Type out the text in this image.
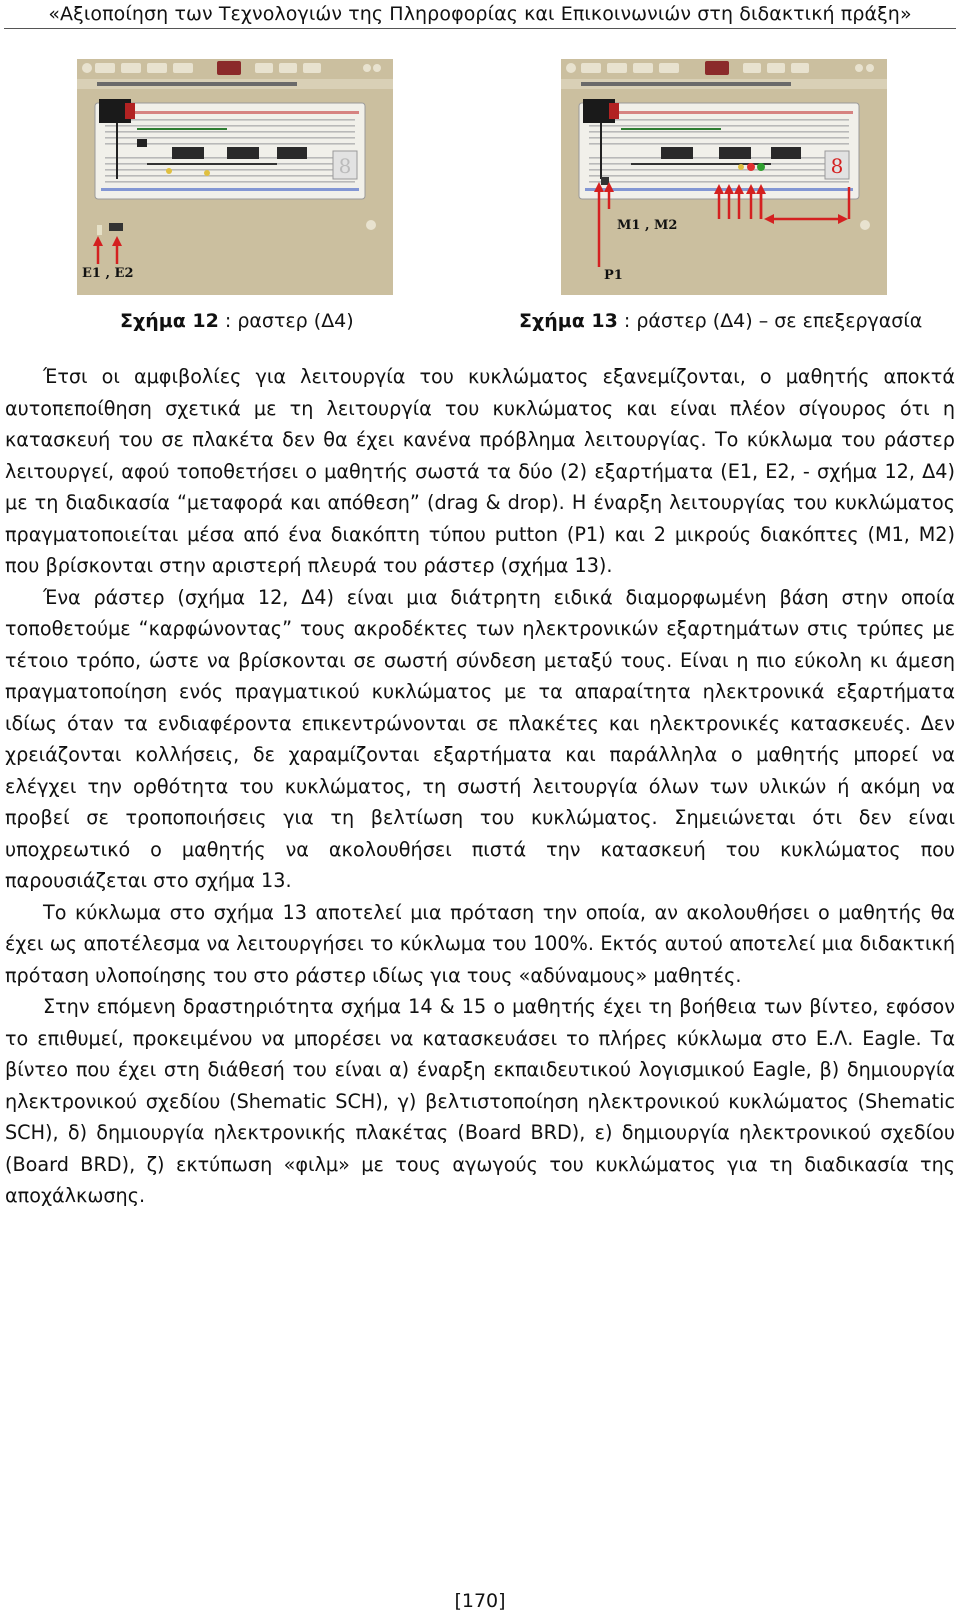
«Αξιοποίηση των Τεχνολογιών της Πληροφορίας και Επικοινωνιών στη διδακτική πράξη»
8
E1 , E2
8
M1 , M2
P1
Σχήμα 12 : ραστερ (Δ4)	Σχήμα 13 : ράστερ (Δ4) – σε επεξεργασία

Έτσι οι αμφιβολίες για λειτουργία του κυκλώματος εξανεμίζονται, ο μαθητής αποκτά αυτοπεποίθηση σχετικά με τη λειτουργία του κυκλώματος και είναι πλέον σίγουρος ότι η κατασκευή του σε πλακέτα δεν θα έχει κανένα πρόβλημα λειτουργίας. Το κύκλωμα του ράστερ λειτουργεί, αφού τοποθετήσει ο μαθητής σωστά τα δύο (2) εξαρτήματα (E1, E2, - σχήμα 12, Δ4) με τη διαδικασία “μεταφορά και απόθεση” (drag & drop). Η έναρξη λειτουργίας του κυκλώματος πραγματοποιείται μέσα από ένα διακόπτη τύπου putton (P1) και 2 μικρούς διακόπτες (M1, M2) που βρίσκονται στην αριστερή πλευρά του ράστερ (σχήμα 13).

Ένα ράστερ (σχήμα 12, Δ4) είναι μια διάτρητη ειδικά διαμορφωμένη βάση στην οποία τοποθετούμε “καρφώνοντας” τους ακροδέκτες των ηλεκτρονικών εξαρτημάτων στις τρύπες με τέτοιο τρόπο, ώστε να βρίσκονται σε σωστή σύνδεση μεταξύ τους. Είναι η πιο εύκολη κι άμεση πραγματοποίηση ενός πραγματικού κυκλώματος με τα απαραίτητα ηλεκτρονικά εξαρτήματα ιδίως όταν τα ενδιαφέροντα επικεντρώνονται σε πλακέτες και ηλεκτρονικές κατασκευές. Δεν χρειάζονται κολλήσεις, δε χαραμίζονται εξαρτήματα και παράλληλα ο μαθητής μπορεί να ελέγχει την ορθότητα του κυκλώματος, τη σωστή λειτουργία όλων των υλικών ή ακόμη να προβεί σε τροποποιήσεις για τη βελτίωση του κυκλώματος. Σημειώνεται ότι δεν είναι υποχρεωτικό ο μαθητής να ακολουθήσει πιστά την κατασκευή του κυκλώματος που παρουσιάζεται στο σχήμα 13.

Το κύκλωμα στο σχήμα 13 αποτελεί μια πρόταση την οποία, αν ακολουθήσει ο μαθητής θα έχει ως αποτέλεσμα να λειτουργήσει το κύκλωμα του 100%. Εκτός αυτού αποτελεί μια διδακτική πρόταση υλοποίησης του στο ράστερ ιδίως για τους «αδύναμους» μαθητές.

Στην επόμενη δραστηριότητα σχήμα 14 & 15 ο μαθητής έχει τη βοήθεια των βίντεο, εφόσον το επιθυμεί, προκειμένου να μπορέσει να κατασκευάσει το πλήρες κύκλωμα στο Ε.Λ. Eagle. Τα βίντεο που έχει στη διάθεσή του είναι α) έναρξη εκπαιδευτικού λογισμικού Eagle, β) δημιουργία ηλεκτρονικού σχεδίου (Shematic SCH), γ) βελτιστοποίηση ηλεκτρονικού κυκλώματος (Shematic SCH), δ) δημιουργία ηλεκτρονικής πλακέτας (Board BRD), ε) δημιουργία ηλεκτρονικού σχεδίου (Board BRD), ζ) εκτύπωση «φιλμ» με τους αγωγούς του κυκλώματος για τη διαδικασία της αποχάλκωσης.

[170]
